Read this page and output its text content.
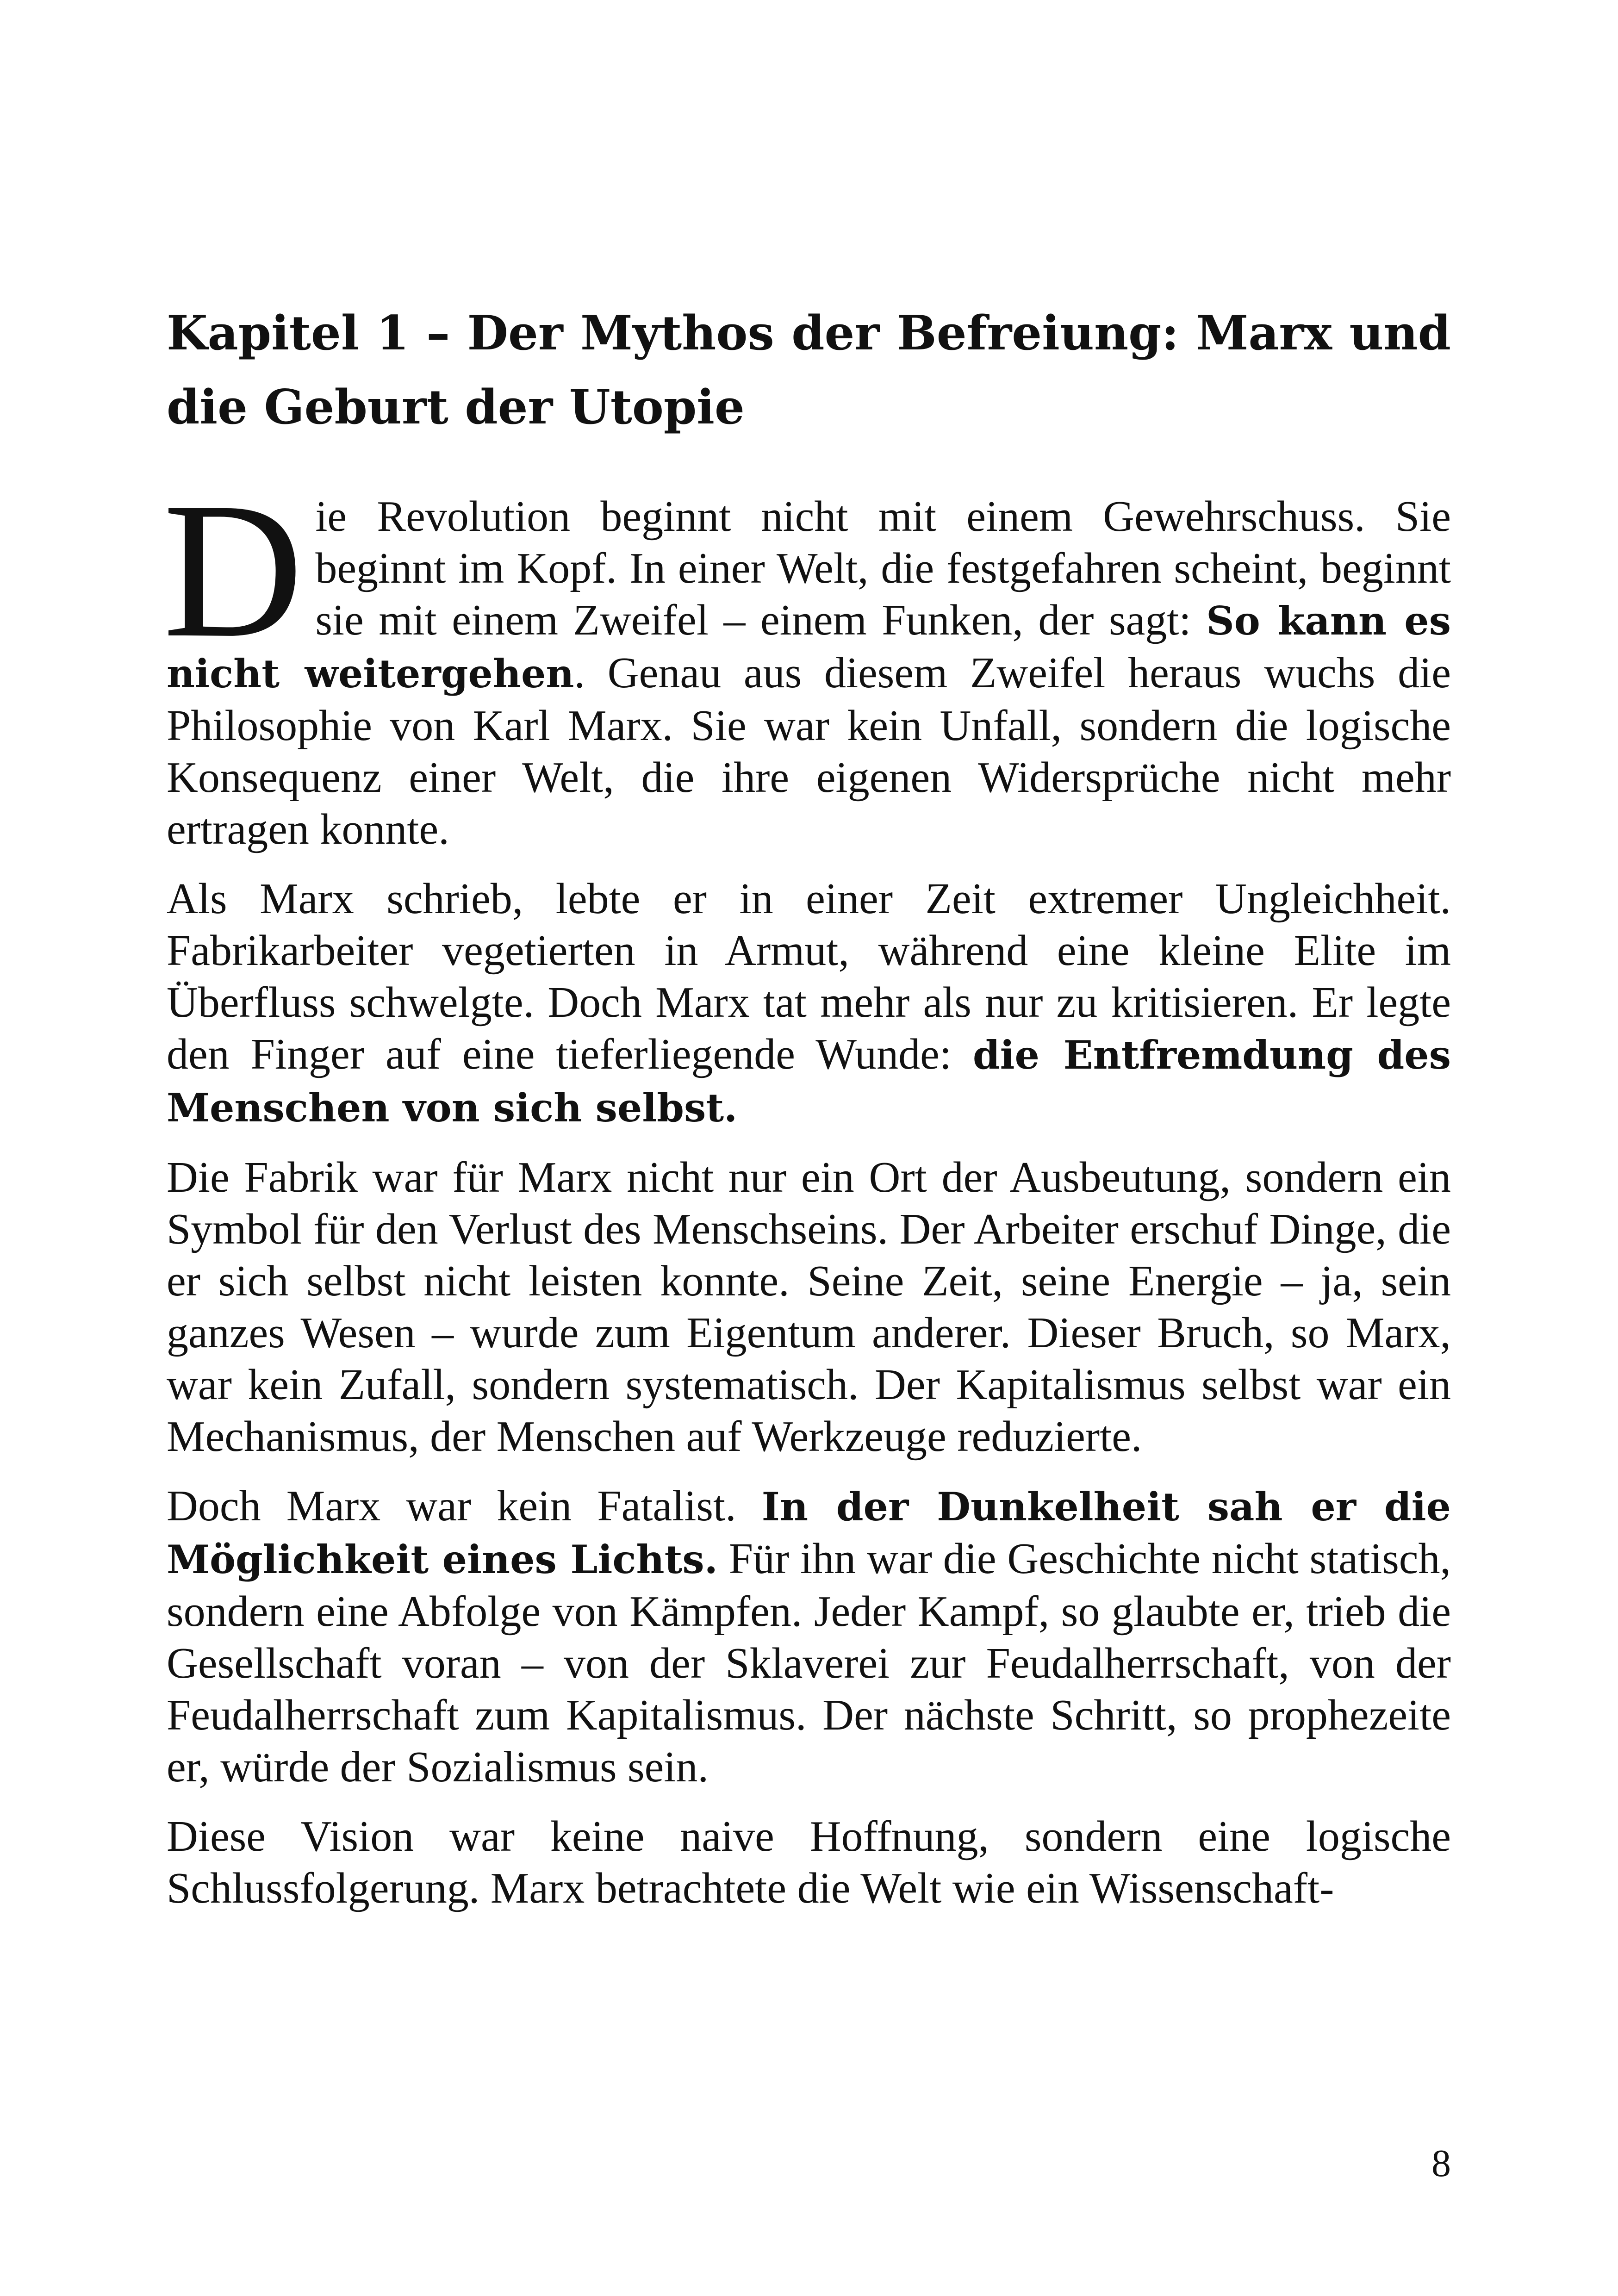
Kapitel 1 – Der Mythos der Befreiung: Marx und die Geburt der Utopie

Die Revolution beginnt nicht mit einem Gewehrschuss. Sie beginnt im Kopf. In einer Welt, die festgefahren scheint, beginnt sie mit einem Zweifel – einem Funken, der sagt: So kann es nicht weitergehen. Genau aus diesem Zweifel heraus wuchs die Philosophie von Karl Marx. Sie war kein Unfall, sondern die logische Konsequenz einer Welt, die ihre eigenen Widersprüche nicht mehr ertragen konnte.

Als Marx schrieb, lebte er in einer Zeit extremer Ungleichheit. Fabrikarbeiter vegetierten in Armut, während eine kleine Elite im Überfluss schwelgte. Doch Marx tat mehr als nur zu kritisieren. Er legte den Finger auf eine tieferliegende Wunde: die Entfremdung des Menschen von sich selbst.

Die Fabrik war für Marx nicht nur ein Ort der Ausbeutung, sondern ein Symbol für den Verlust des Menschseins. Der Arbeiter erschuf Dinge, die er sich selbst nicht leisten konnte. Seine Zeit, seine Energie – ja, sein ganzes Wesen – wurde zum Eigentum anderer. Dieser Bruch, so Marx, war kein Zufall, sondern systematisch. Der Kapitalismus selbst war ein Mechanismus, der Menschen auf Werkzeuge reduzierte.

Doch Marx war kein Fatalist. In der Dunkelheit sah er die Möglichkeit eines Lichts. Für ihn war die Geschichte nicht statisch, sondern eine Abfolge von Kämpfen. Jeder Kampf, so glaubte er, trieb die Gesellschaft voran – von der Sklaverei zur Feudalherrschaft, von der Feudalherrschaft zum Kapitalismus. Der nächste Schritt, so prophezeite er, würde der Sozialismus sein.

Diese Vision war keine naive Hoffnung, sondern eine logische Schlussfolgerung. Marx betrachtete die Welt wie ein Wissenschaft-

8
